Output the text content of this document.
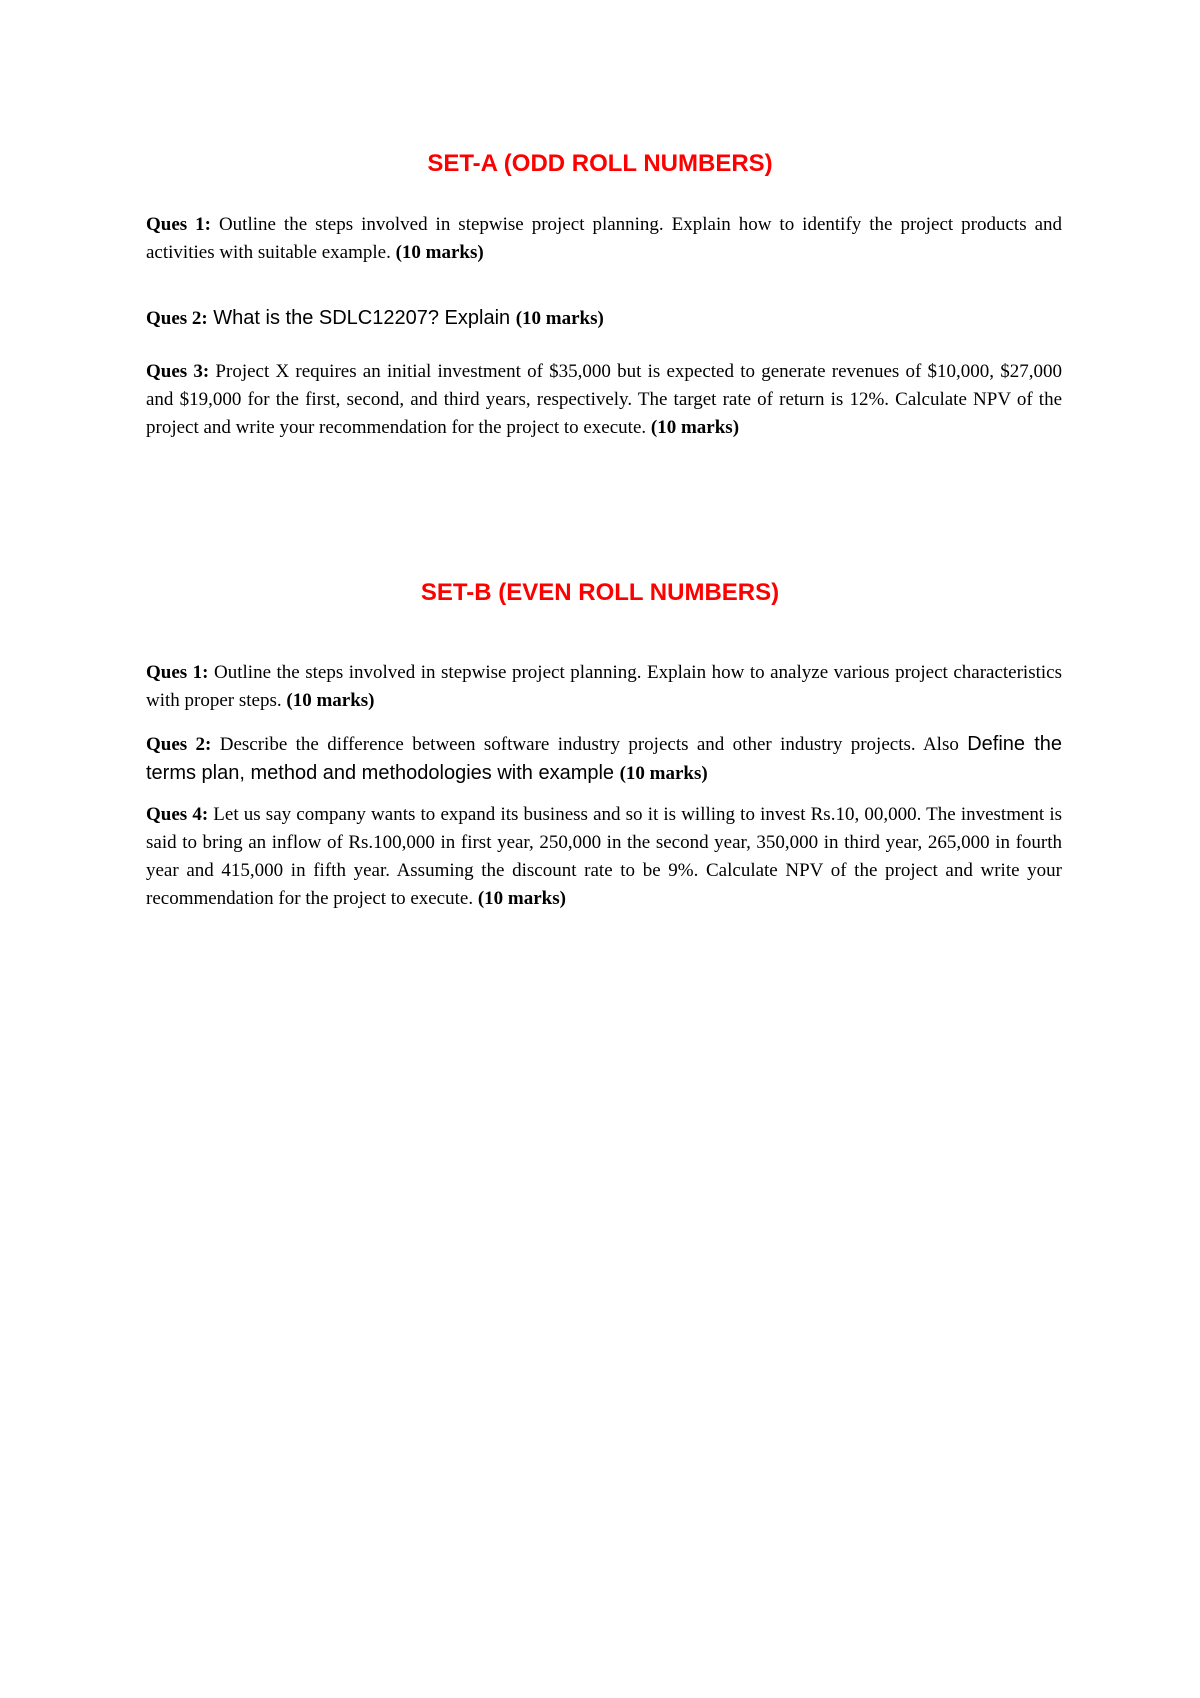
SET-A (ODD ROLL NUMBERS)

Ques 1: Outline the steps involved in stepwise project planning. Explain how to identify the project products and activities with suitable example. (10 marks)

Ques 2: What is the SDLC12207? Explain (10 marks)

Ques 3: Project X requires an initial investment of $35,000 but is expected to generate revenues of $10,000, $27,000 and $19,000 for the first, second, and third years, respectively. The target rate of return is 12%. Calculate NPV of the project and write your recommendation for the project to execute. (10 marks)

SET-B (EVEN ROLL NUMBERS)

Ques 1: Outline the steps involved in stepwise project planning. Explain how to analyze various project characteristics with proper steps. (10 marks)

Ques 2: Describe the difference between software industry projects and other industry projects. Also Define the terms plan, method and methodologies with example (10 marks)

Ques 4: Let us say company wants to expand its business and so it is willing to invest Rs.10, 00,000. The investment is said to bring an inflow of Rs.100,000 in first year, 250,000 in the second year, 350,000 in third year, 265,000 in fourth year and 415,000 in fifth year. Assuming the discount rate to be 9%. Calculate NPV of the project and write your recommendation for the project to execute. (10 marks)
